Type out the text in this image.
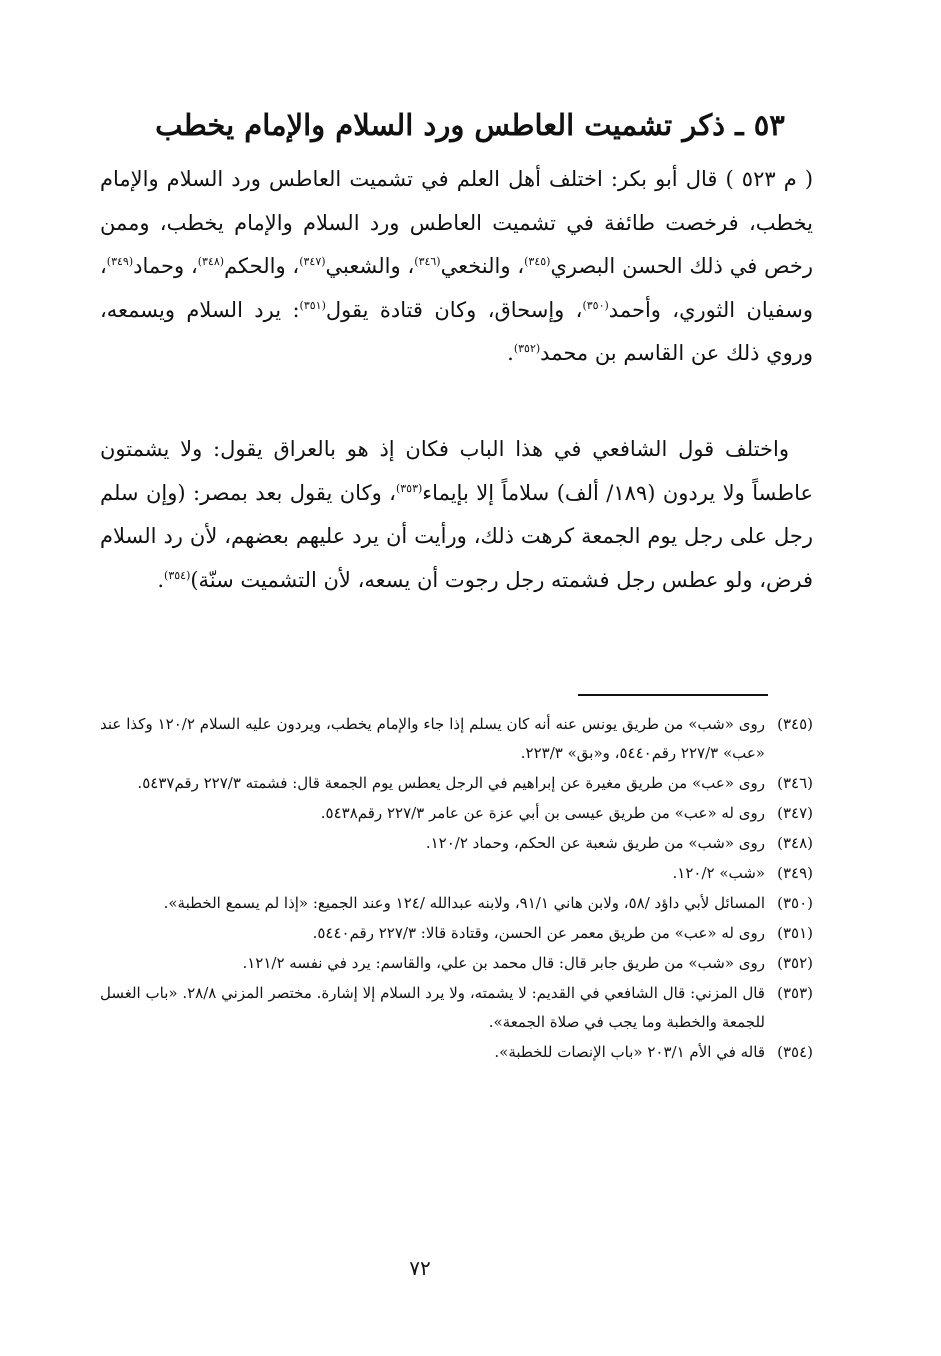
٥٣ ـ ذكر تشميت العاطس ورد السلام والإمام يخطب

( م ٥٢٣ ) قال أبو بكر: اختلف أهل العلم في تشميت العاطس ورد السلام والإمام يخطب، فرخصت طائفة في تشميت العاطس ورد السلام والإمام يخطب، وممن رخص في ذلك الحسن البصري$^{(٣٤٥)}$، والنخعي$^{(٣٤٦)}$، والشعبي$^{(٣٤٧)}$، والحكم$^{(٣٤٨)}$، وحماد$^{(٣٤٩)}$، وسفيان الثوري، وأحمد$^{(٣٥٠)}$، وإسحاق، وكان قتادة يقول$^{(٣٥١)}$: يرد السلام ويسمعه، وروي ذلك عن القاسم بن محمد$^{(٣٥٢)}$.

واختلف قول الشافعي في هذا الباب فكان إذ هو بالعراق يقول: ولا يشمتون عاطساً ولا يردون (١٨٩/ ألف) سلاماً إلا بإيماء$^{(٣٥٣)}$، وكان يقول بعد بمصر: (وإن سلم رجل على رجل يوم الجمعة كرهت ذلك، ورأيت أن يرد عليهم بعضهم، لأن رد السلام فرض، ولو عطس رجل فشمته رجل رجوت أن يسعه، لأن التشميت سنّة)$^{(٣٥٤)}$.

(٣٤٥)
روى «شب» من طريق يونس عنه أنه كان يسلم إذا جاء والإمام يخطب، ويردون عليه السلام ١٢٠/٢ وكذا عند «عب» ٢٢٧/٣ رقم٥٤٤٠، و«بق» ٢٢٣/٣.
(٣٤٦)
روى «عب» من طريق مغيرة عن إبراهيم في الرجل يعطس يوم الجمعة قال: فشمته ٢٢٧/٣ رقم٥٤٣٧.
(٣٤٧)
روى له «عب» من طريق عيسى بن أبي عزة عن عامر ٢٢٧/٣ رقم٥٤٣٨.
(٣٤٨)
روى «شب» من طريق شعبة عن الحكم، وحماد ١٢٠/٢.
(٣٤٩)
«شب» ١٢٠/٢.
(٣٥٠)
المسائل لأبي داؤد /٥٨، ولابن هاني ٩١/١، ولابنه عبدالله /١٢٤ وعند الجميع: «إذا لم يسمع الخطبة».
(٣٥١)
روى له «عب» من طريق معمر عن الحسن، وقتادة قالا: ٢٢٧/٣ رقم٥٤٤٠.
(٣٥٢)
روى «شب» من طريق جابر قال: قال محمد بن علي، والقاسم: يرد في نفسه ١٢١/٢.
(٣٥٣)
قال المزني: قال الشافعي في القديم: لا يشمته، ولا يرد السلام إلا إشارة. مختصر المزني ٢٨/٨. «باب الغسل للجمعة والخطبة وما يجب في صلاة الجمعة».
(٣٥٤)
قاله في الأم ٢٠٣/١ «باب الإنصات للخطبة».
٧٢
